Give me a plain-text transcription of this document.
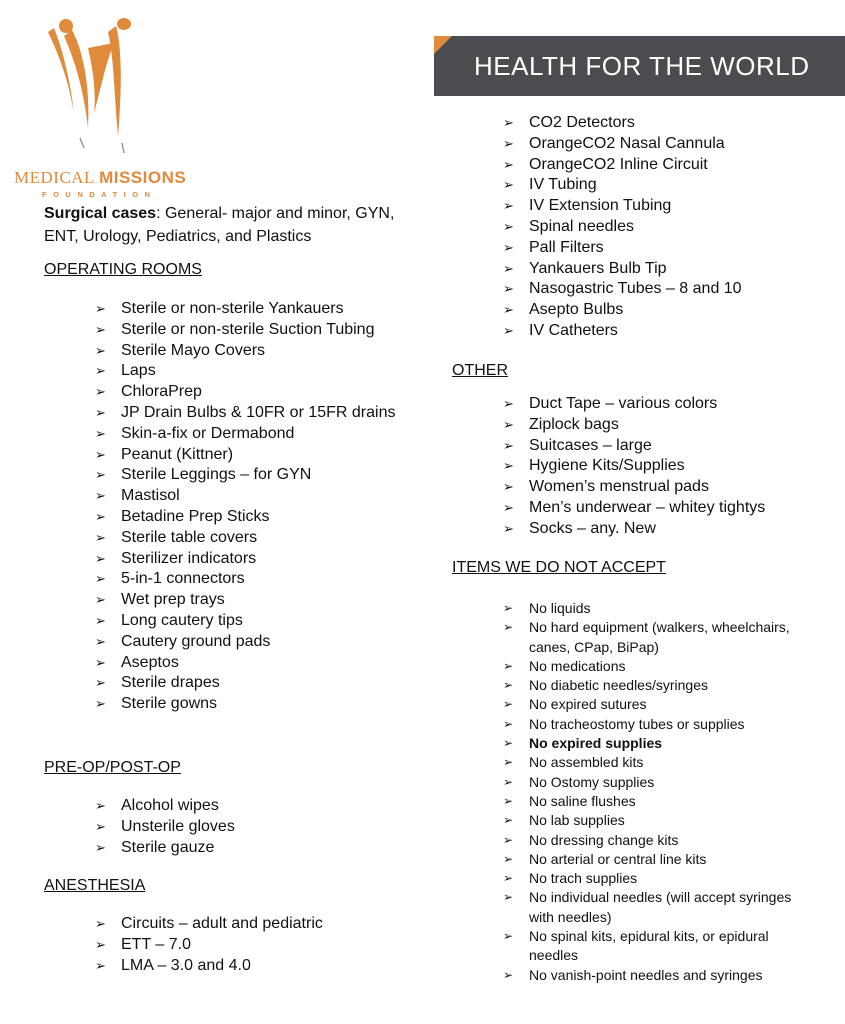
MEDICAL MISSIONS
FOUNDATION
HEALTH FOR THE WORLD
Surgical cases: General- major and minor, GYN, ENT, Urology, Pediatrics, and Plastics
OPERATING ROOMS
➢ Sterile or non-sterile Yankauers
➢ Sterile or non-sterile Suction Tubing
➢ Sterile Mayo Covers
➢ Laps
➢ ChloraPrep
➢ JP Drain Bulbs & 10FR or 15FR drains
➢ Skin-a-fix or Dermabond
➢ Peanut (Kittner)
➢ Sterile Leggings – for GYN
➢ Mastisol
➢ Betadine Prep Sticks
➢ Sterile table covers
➢ Sterilizer indicators
➢ 5-in-1 connectors
➢ Wet prep trays
➢ Long cautery tips
➢ Cautery ground pads
➢ Aseptos
➢ Sterile drapes
➢ Sterile gowns
PRE-OP/POST-OP
➢ Alcohol wipes
➢ Unsterile gloves
➢ Sterile gauze
ANESTHESIA
➢ Circuits – adult and pediatric
➢ ETT – 7.0
➢ LMA – 3.0 and 4.0
➢ CO2 Detectors
➢ OrangeCO2 Nasal Cannula
➢ OrangeCO2 Inline Circuit
➢ IV Tubing
➢ IV Extension Tubing
➢ Spinal needles
➢ Pall Filters
➢ Yankauers Bulb Tip
➢ Nasogastric Tubes – 8 and 10
➢ Asepto Bulbs
➢ IV Catheters
OTHER
➢ Duct Tape – various colors
➢ Ziplock bags
➢ Suitcases – large
➢ Hygiene Kits/Supplies
➢ Women’s menstrual pads
➢ Men’s underwear – whitey tightys
➢ Socks – any. New
ITEMS WE DO NOT ACCEPT
➢ No liquids
➢ No hard equipment (walkers, wheelchairs, canes, CPap, BiPap)
➢ No medications
➢ No diabetic needles/syringes
➢ No expired sutures
➢ No tracheostomy tubes or supplies
➢ No expired supplies
➢ No assembled kits
➢ No Ostomy supplies
➢ No saline flushes
➢ No lab supplies
➢ No dressing change kits
➢ No arterial or central line kits
➢ No trach supplies
➢ No individual needles (will accept syringes with needles)
➢ No spinal kits, epidural kits, or epidural needles
➢ No vanish-point needles and syringes
